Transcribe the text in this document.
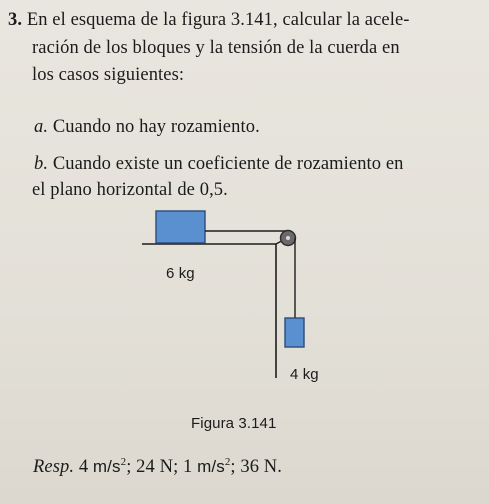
3. En el esquema de la figura 3.141, calcular la acele-
ración de los bloques y la tensión de la cuerda en
los casos siguientes:
a. Cuando no hay rozamiento.
b. Cuando existe un coeficiente de rozamiento en
el plano horizontal de 0,5.
6 kg
4 kg
Figura 3.141
Resp. 4 $m/s^2$; 24 N; 1 $m/s^2$; 36 N.
